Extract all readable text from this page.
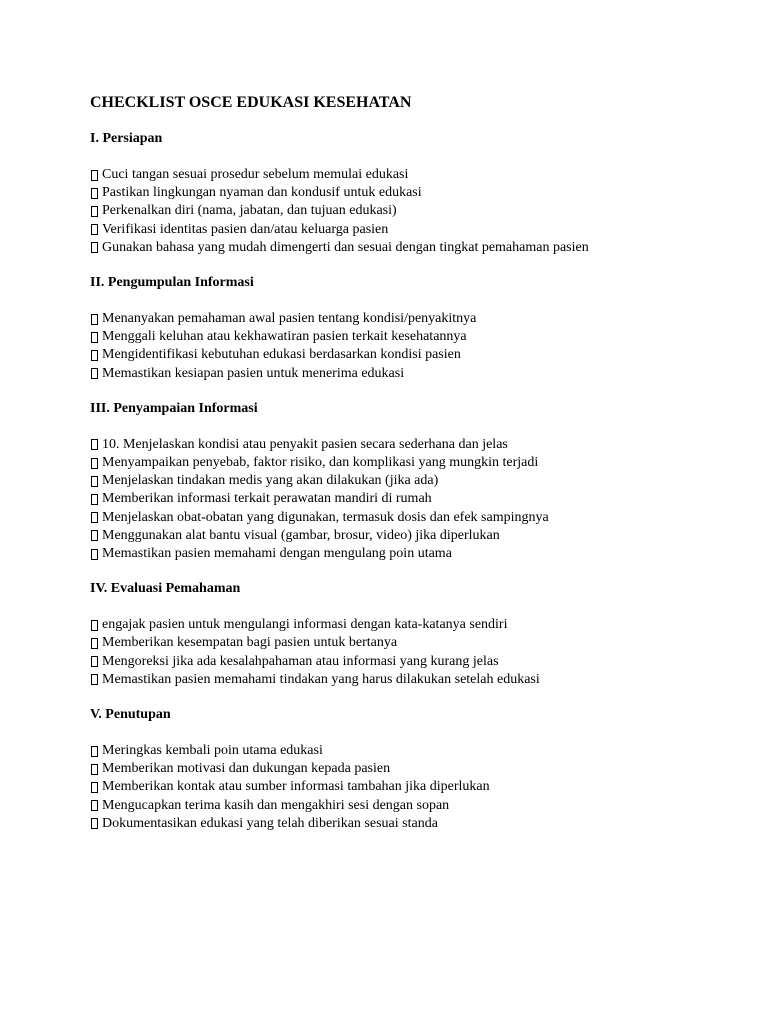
CHECKLIST OSCE EDUKASI KESEHATAN
I. Persiapan
Cuci tangan sesuai prosedur sebelum memulai edukasi
Pastikan lingkungan nyaman dan kondusif untuk edukasi
Perkenalkan diri (nama, jabatan, dan tujuan edukasi)
Verifikasi identitas pasien dan/atau keluarga pasien
Gunakan bahasa yang mudah dimengerti dan sesuai dengan tingkat pemahaman pasien
II. Pengumpulan Informasi
Menanyakan pemahaman awal pasien tentang kondisi/penyakitnya
Menggali keluhan atau kekhawatiran pasien terkait kesehatannya
Mengidentifikasi kebutuhan edukasi berdasarkan kondisi pasien
Memastikan kesiapan pasien untuk menerima edukasi
III. Penyampaian Informasi
10. Menjelaskan kondisi atau penyakit pasien secara sederhana dan jelas
Menyampaikan penyebab, faktor risiko, dan komplikasi yang mungkin terjadi
Menjelaskan tindakan medis yang akan dilakukan (jika ada)
Memberikan informasi terkait perawatan mandiri di rumah
Menjelaskan obat-obatan yang digunakan, termasuk dosis dan efek sampingnya
Menggunakan alat bantu visual (gambar, brosur, video) jika diperlukan
Memastikan pasien memahami dengan mengulang poin utama
IV. Evaluasi Pemahaman
engajak pasien untuk mengulangi informasi dengan kata-katanya sendiri
Memberikan kesempatan bagi pasien untuk bertanya
Mengoreksi jika ada kesalahpahaman atau informasi yang kurang jelas
Memastikan pasien memahami tindakan yang harus dilakukan setelah edukasi
V. Penutupan
Meringkas kembali poin utama edukasi
Memberikan motivasi dan dukungan kepada pasien
Memberikan kontak atau sumber informasi tambahan jika diperlukan
Mengucapkan terima kasih dan mengakhiri sesi dengan sopan
Dokumentasikan edukasi yang telah diberikan sesuai standa
